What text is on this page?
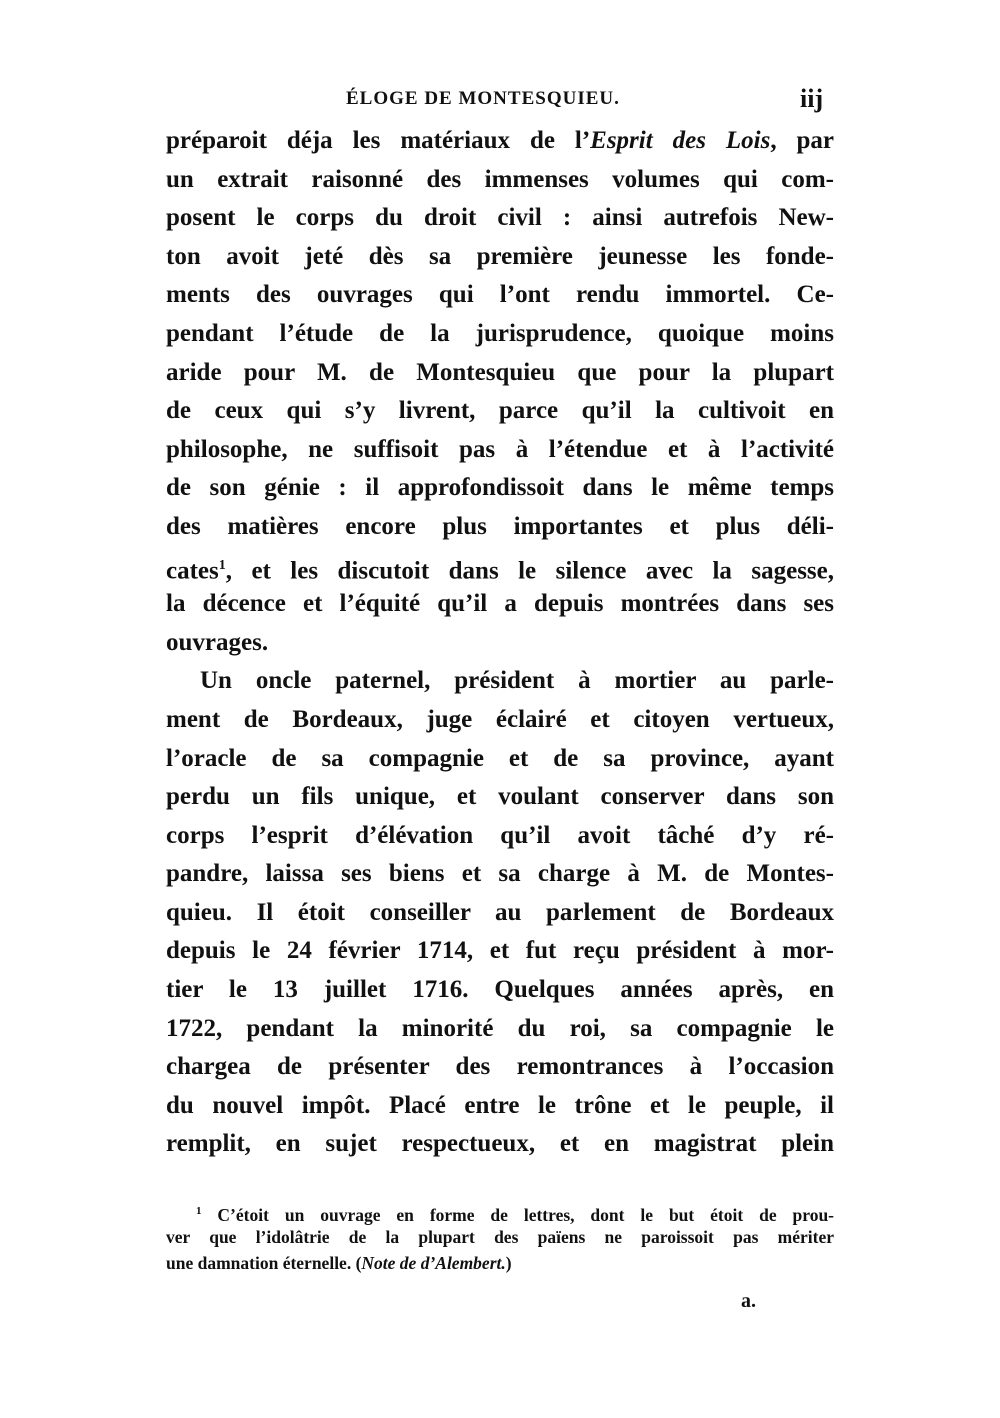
ÉLOGE DE MONTESQUIEU.	iij
préparoit déja les matériaux de l’Esprit des Lois, par
un extrait raisonné des immenses volumes qui com-
posent le corps du droit civil : ainsi autrefois New-
ton avoit jeté dès sa première jeunesse les fonde-
ments des ouvrages qui l’ont rendu immortel. Ce-
pendant l’étude de la jurisprudence, quoique moins
aride pour M. de Montesquieu que pour la plupart
de ceux qui s’y livrent, parce qu’il la cultivoit en
philosophe, ne suffisoit pas à l’étendue et à l’activité
de son génie : il approfondissoit dans le même temps
des matières encore plus importantes et plus déli-
cates$^1$, et les discutoit dans le silence avec la sagesse,
la décence et l’équité qu’il a depuis montrées dans ses
ouvrages.
Un oncle paternel, président à mortier au parle-
ment de Bordeaux, juge éclairé et citoyen vertueux,
l’oracle de sa compagnie et de sa province, ayant
perdu un fils unique, et voulant conserver dans son
corps l’esprit d’élévation qu’il avoit tâché d’y ré-
pandre, laissa ses biens et sa charge à M. de Montes-
quieu. Il étoit conseiller au parlement de Bordeaux
depuis le 24 février 1714, et fut reçu président à mor-
tier le 13 juillet 1716. Quelques années après, en
1722, pendant la minorité du roi, sa compagnie le
chargea de présenter des remontrances à l’occasion
du nouvel impôt. Placé entre le trône et le peuple, il
remplit, en sujet respectueux, et en magistrat plein
$^1$ C’étoit un ouvrage en forme de lettres, dont le but étoit de prou-
ver que l’idolâtrie de la plupart des païens ne paroissoit pas mériter
une damnation éternelle. (Note de d’Alembert.)
a.
